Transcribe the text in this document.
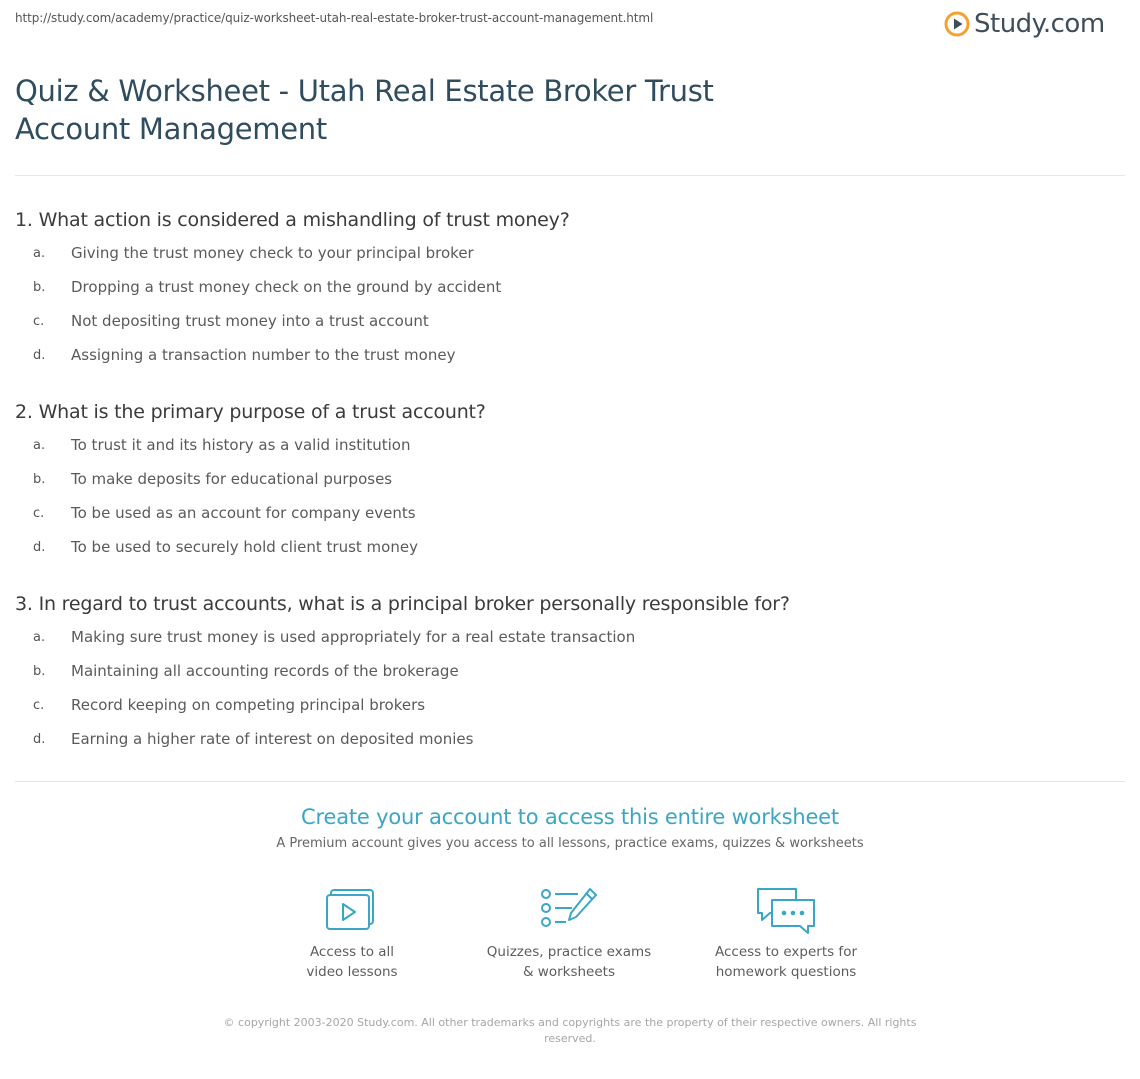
http://study.com/academy/practice/quiz-worksheet-utah-real-estate-broker-trust-account-management.html	Study.com
Quiz & Worksheet - Utah Real Estate Broker Trust Account Management
1. What action is considered a mishandling of trust money?
a. Giving the trust money check to your principal broker
b. Dropping a trust money check on the ground by accident
c. Not depositing trust money into a trust account
d. Assigning a transaction number to the trust money
2. What is the primary purpose of a trust account?
a. To trust it and its history as a valid institution
b. To make deposits for educational purposes
c. To be used as an account for company events
d. To be used to securely hold client trust money
3. In regard to trust accounts, what is a principal broker personally responsible for?
a. Making sure trust money is used appropriately for a real estate transaction
b. Maintaining all accounting records of the brokerage
c. Record keeping on competing principal brokers
d. Earning a higher rate of interest on deposited monies
Create your account to access this entire worksheet
A Premium account gives you access to all lessons, practice exams, quizzes & worksheets
Access to all
video lessons
Quizzes, practice exams
& worksheets
Access to experts for
homework questions
© copyright 2003-2020 Study.com. All other trademarks and copyrights are the property of their respective owners. All rights reserved.
